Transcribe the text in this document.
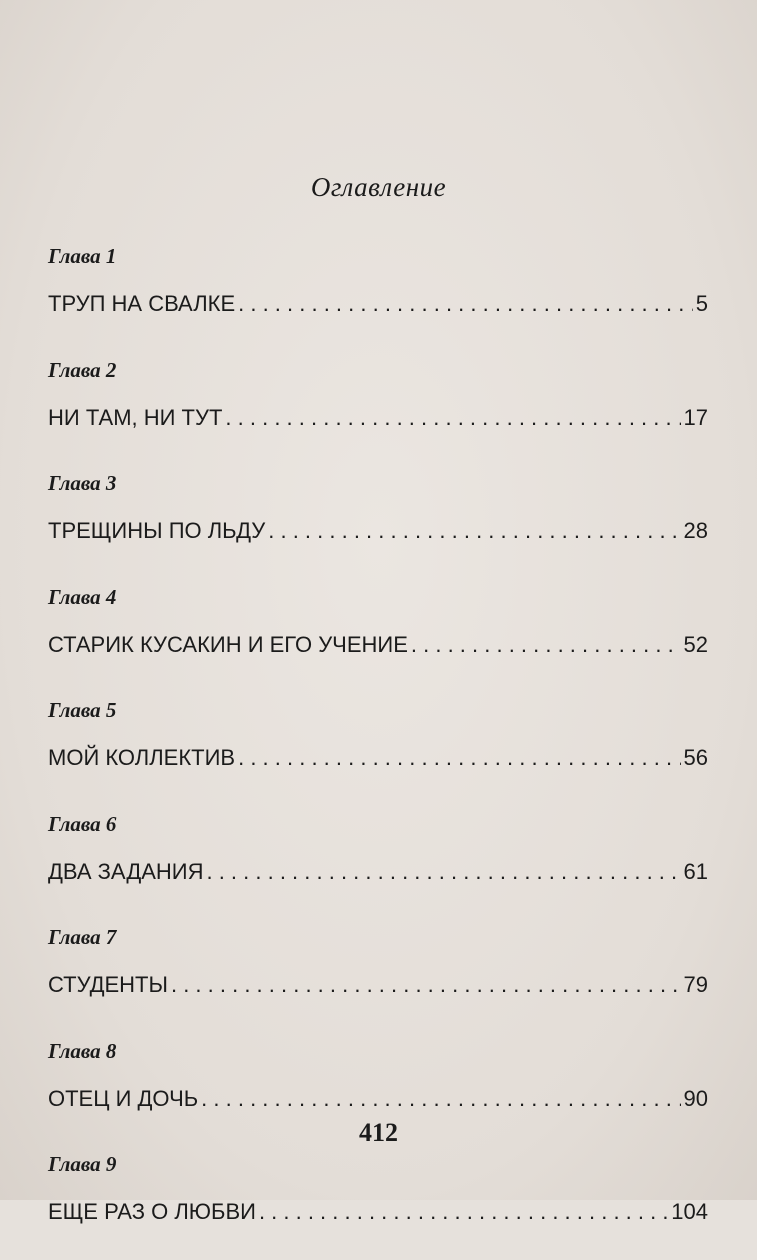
Оглавление
Глава 1
ТРУП НА СВАЛКЕ . . .	5
Глава 2
НИ ТАМ, НИ ТУТ . . .	17
Глава 3
ТРЕЩИНЫ ПО ЛЬДУ . . .	28
Глава 4
СТАРИК КУСАКИН И ЕГО УЧЕНИЕ . . .	52
Глава 5
МОЙ КОЛЛЕКТИВ . . .	56
Глава 6
ДВА ЗАДАНИЯ . . .	61
Глава 7
СТУДЕНТЫ . . .	79
Глава 8
ОТЕЦ И ДОЧЬ . . .	90
Глава 9
ЕЩЕ РАЗ О ЛЮБВИ . . .	104
412
